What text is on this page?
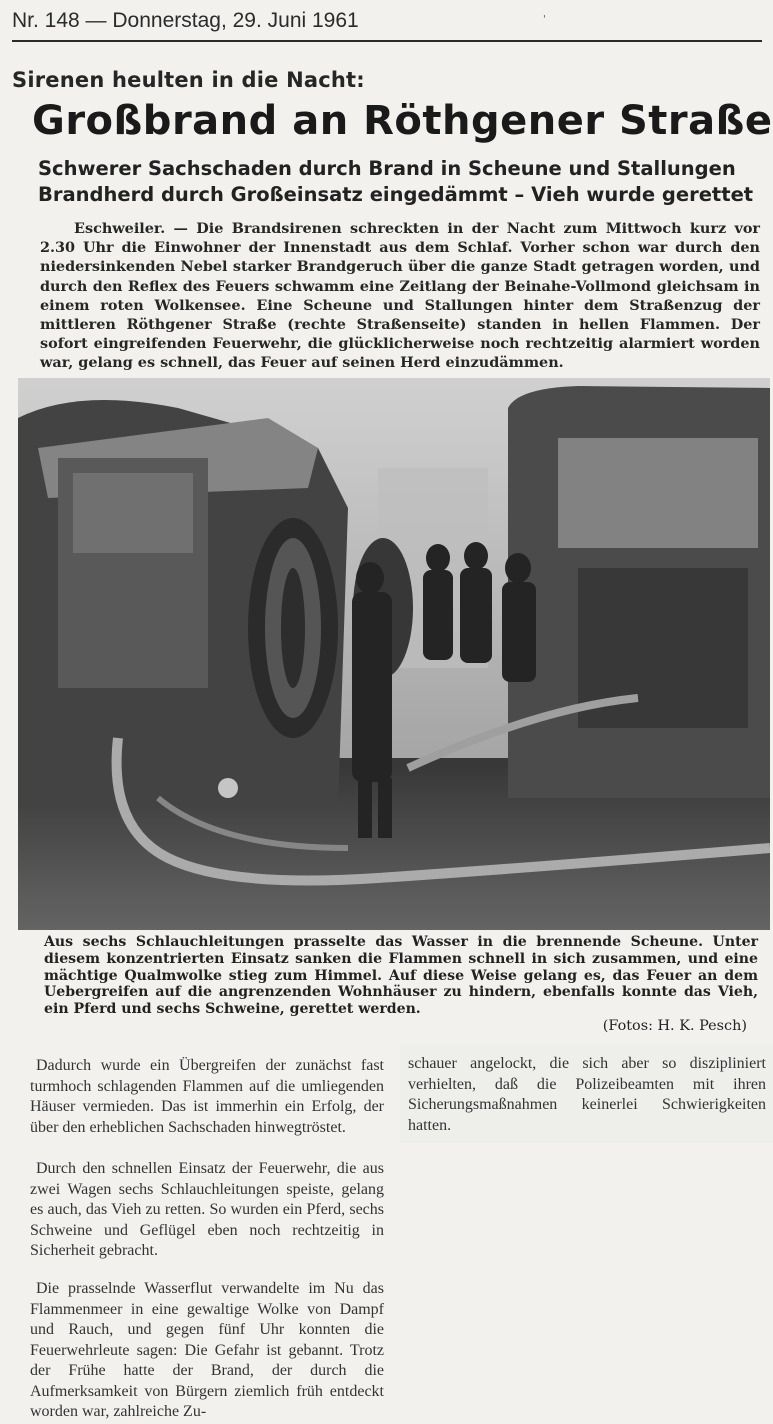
Nr. 148 — Donnerstag, 29. Juni 1961	'
Sirenen heulten in die Nacht:
Großbrand an Röthgener Straße
Schwerer Sachschaden durch Brand in Scheune und Stallungen
Brandherd durch Großeinsatz eingedämmt – Vieh wurde gerettet

Eschweiler. — Die Brandsirenen schreckten in der Nacht zum Mittwoch kurz vor 2.30 Uhr die Einwohner der Innenstadt aus dem Schlaf. Vorher schon war durch den niedersinkenden Nebel starker Brandgeruch über die ganze Stadt getragen worden, und durch den Reflex des Feuers schwamm eine Zeitlang der Beinahe-Vollmond gleichsam in einem roten Wolkensee. Eine Scheune und Stallungen hinter dem Straßenzug der mittleren Röthgener Straße (rechte Straßenseite) standen in hellen Flammen. Der sofort eingreifenden Feuerwehr, die glücklicherweise noch rechtzeitig alarmiert worden war, gelang es schnell, das Feuer auf seinen Herd einzudämmen.

Aus sechs Schlauchleitungen prasselte das Wasser in die brennende Scheune. Unter diesem konzentrierten Einsatz sanken die Flammen schnell in sich zusammen, und eine mächtige Qualmwolke stieg zum Himmel. Auf diese Weise gelang es, das Feuer an dem Uebergreifen auf die angrenzenden Wohnhäuser zu hindern, ebenfalls konnte das Vieh, ein Pferd und sechs Schweine, gerettet werden.

(Fotos: H. K. Pesch)

Dadurch wurde ein Übergreifen der zunächst fast turmhoch schlagenden Flammen auf die umliegenden Häuser vermieden. Das ist immerhin ein Erfolg, der über den erheblichen Sachschaden hinwegtröstet.

Durch den schnellen Einsatz der Feuerwehr, die aus zwei Wagen sechs Schlauchleitungen speiste, gelang es auch, das Vieh zu retten. So wurden ein Pferd, sechs Schweine und Geflügel eben noch rechtzeitig in Sicherheit gebracht.

Die prasselnde Wasserflut verwandelte im Nu das Flammenmeer in eine gewaltige Wolke von Dampf und Rauch, und gegen fünf Uhr konnten die Feuerwehrleute sagen: Die Gefahr ist gebannt. Trotz der Frühe hatte der Brand, der durch die Aufmerksamkeit von Bürgern ziemlich früh entdeckt worden war, zahlreiche Zu-

schauer angelockt, die sich aber so diszipliniert verhielten, daß die Polizeibeamten mit ihren Sicherungsmaßnahmen keinerlei Schwierigkeiten hatten.
